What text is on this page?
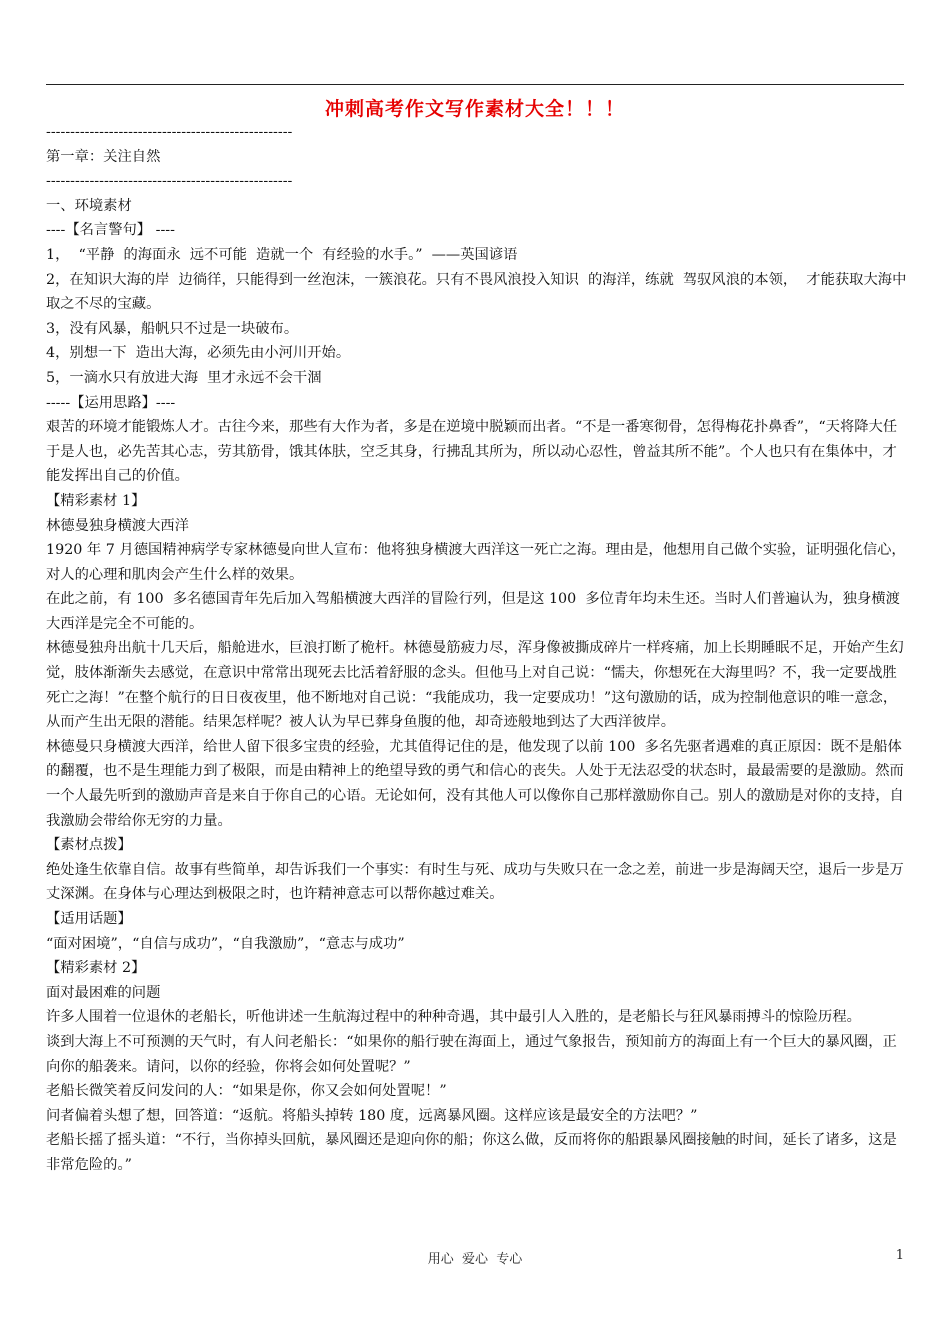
冲刺高考作文写作素材大全！！！

---------------------------------------------------

第一章：关注自然

---------------------------------------------------

一、环境素材

----【名言警句】 ----

1，  “平静  的海面永  远不可能  造就一个  有经验的水手。”  ——英国谚语

2，在知识大海的岸  边徜徉，只能得到一丝泡沫，一簇浪花。只有不畏风浪投入知识  的海洋，练就  驾驭风浪的本领，  才能获取大海中取之不尽的宝藏。

3，没有风暴，船帆只不过是一块破布。

4，别想一下  造出大海，必须先由小河川开始。

5，一滴水只有放进大海  里才永远不会干涸

-----【运用思路】----

艰苦的环境才能锻炼人才。古往今来，那些有大作为者，多是在逆境中脱颖而出者。“不是一番寒彻骨，怎得梅花扑鼻香”，“天将降大任于是人也，必先苦其心志，劳其筋骨，饿其体肤，空乏其身，行拂乱其所为，所以动心忍性，曾益其所不能”。个人也只有在集体中，才能发挥出自己的价值。

【精彩素材 1】

林德曼独身横渡大西洋

1920 年 7 月德国精神病学专家林德曼向世人宣布：他将独身横渡大西洋这一死亡之海。理由是，他想用自己做个实验，证明强化信心，对人的心理和肌肉会产生什么样的效果。

在此之前，有 100  多名德国青年先后加入驾船横渡大西洋的冒险行列，但是这 100  多位青年均未生还。当时人们普遍认为，独身横渡大西洋是完全不可能的。

林德曼独舟出航十几天后，船舱进水，巨浪打断了桅杆。林德曼筋疲力尽，浑身像被撕成碎片一样疼痛，加上长期睡眠不足，开始产生幻觉，肢体渐渐失去感觉，在意识中常常出现死去比活着舒服的念头。但他马上对自己说：“懦夫，你想死在大海里吗？不，我一定要战胜死亡之海！”在整个航行的日日夜夜里，他不断地对自己说：“我能成功，我一定要成功！”这句激励的话，成为控制他意识的唯一意念，从而产生出无限的潜能。结果怎样呢？被人认为早已葬身鱼腹的他，却奇迹般地到达了大西洋彼岸。

林德曼只身横渡大西洋，给世人留下很多宝贵的经验，尤其值得记住的是，他发现了以前 100  多名先驱者遇难的真正原因：既不是船体的翻覆，也不是生理能力到了极限，而是由精神上的绝望导致的勇气和信心的丧失。人处于无法忍受的状态时，最最需要的是激励。然而一个人最先听到的激励声音是来自于你自己的心语。无论如何，没有其他人可以像你自己那样激励你自己。别人的激励是对你的支持，自我激励会带给你无穷的力量。

【素材点拨】

绝处逢生依靠自信。故事有些简单，却告诉我们一个事实：有时生与死、成功与失败只在一念之差，前进一步是海阔天空，退后一步是万丈深渊。在身体与心理达到极限之时，也许精神意志可以帮你越过难关。

【适用话题】

“面对困境”，“自信与成功”，“自我激励”，“意志与成功”

【精彩素材 2】

面对最困难的问题

许多人围着一位退休的老船长，听他讲述一生航海过程中的种种奇遇，其中最引人入胜的，是老船长与狂风暴雨搏斗的惊险历程。

谈到大海上不可预测的天气时，有人问老船长：“如果你的船行驶在海面上，通过气象报告，预知前方的海面上有一个巨大的暴风圈，正向你的船袭来。请问，以你的经验，你将会如何处置呢？”

老船长微笑着反问发问的人：“如果是你，你又会如何处置呢！”

问者偏着头想了想，回答道：“返航。将船头掉转 180 度，远离暴风圈。这样应该是最安全的方法吧？”

老船长摇了摇头道：“不行，当你掉头回航，暴风圈还是迎向你的船；你这么做，反而将你的船跟暴风圈接触的时间，延长了诸多，这是非常危险的。”

用心  爱心  专心	1
